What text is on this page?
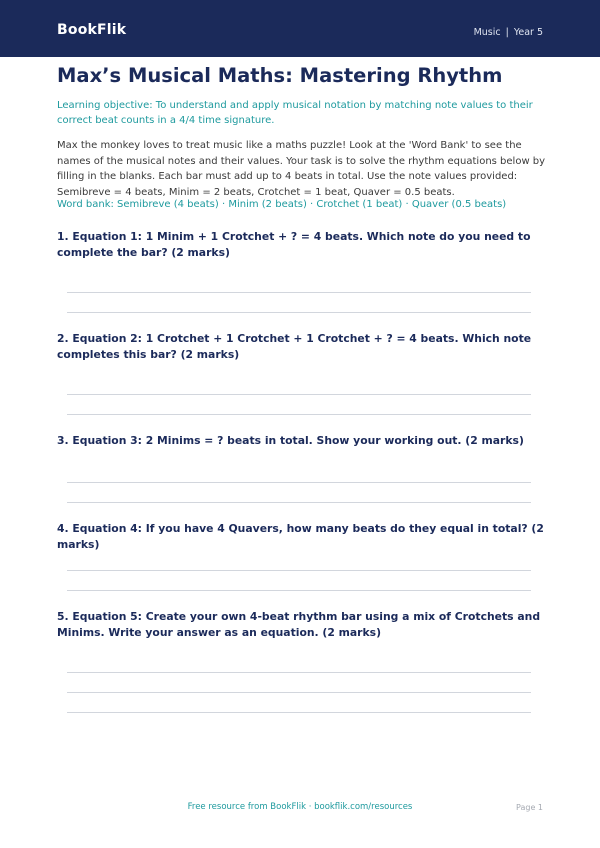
BookFlik	Music | Year 5
Max’s Musical Maths: Mastering Rhythm

Learning objective: To understand and apply musical notation by matching note values to their correct beat counts in a 4/4 time signature.

Max the monkey loves to treat music like a maths puzzle! Look at the 'Word Bank' to see the names of the musical notes and their values. Your task is to solve the rhythm equations below by filling in the blanks. Each bar must add up to 4 beats in total. Use the note values provided: Semibreve = 4 beats, Minim = 2 beats, Crotchet = 1 beat, Quaver = 0.5 beats.

Word bank: Semibreve (4 beats) · Minim (2 beats) · Crotchet (1 beat) · Quaver (0.5 beats)

1. Equation 1: 1 Minim + 1 Crotchet + ? = 4 beats. Which note do you need to complete the bar? (2 marks)

2. Equation 2: 1 Crotchet + 1 Crotchet + 1 Crotchet + ? = 4 beats. Which note completes this bar? (2 marks)

3. Equation 3: 2 Minims = ? beats in total. Show your working out. (2 marks)

4. Equation 4: If you have 4 Quavers, how many beats do they equal in total? (2 marks)

5. Equation 5: Create your own 4-beat rhythm bar using a mix of Crotchets and Minims. Write your answer as an equation. (2 marks)

Free resource from BookFlik · bookflik.com/resources	Page 1
